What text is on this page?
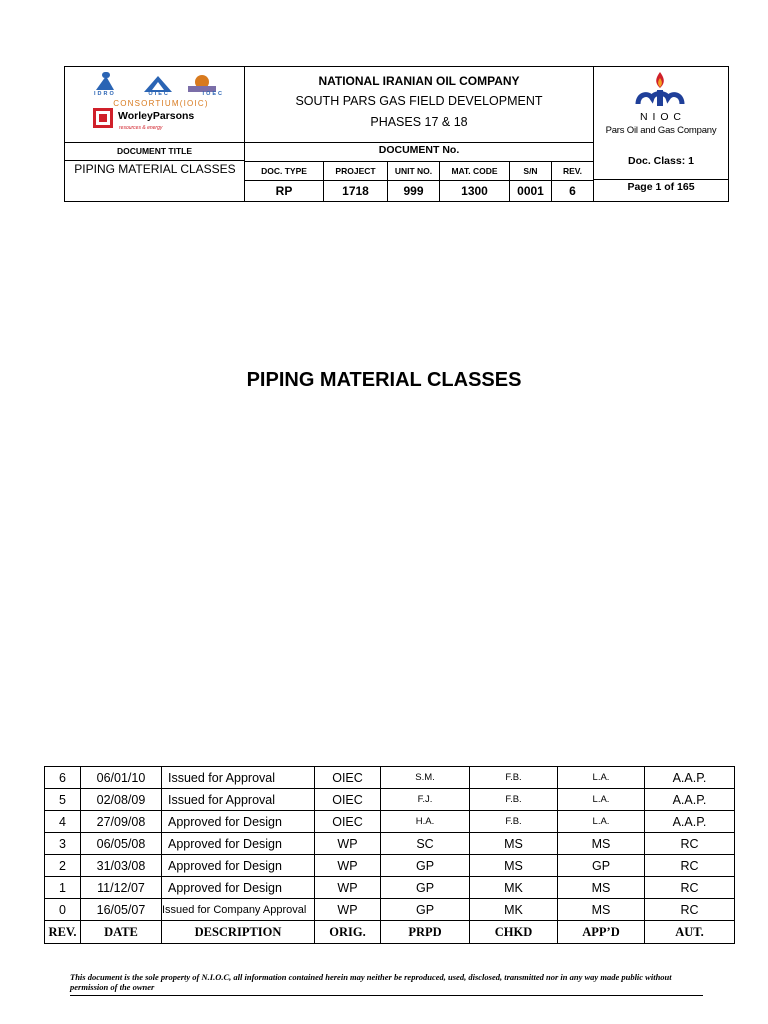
IDRO	OIEC	IOEC
CONSORTIUM(IOIC)
WorleyParsons
resources & energy
NATIONAL IRANIAN OIL COMPANY
SOUTH PARS GAS FIELD DEVELOPMENT
PHASES 17 & 18	N I O C
Pars Oil and Gas Company
DOCUMENT TITLE
PIPING MATERIAL CLASSES
DOCUMENT No.
DOC. TYPE	PROJECT	UNIT NO.	MAT. CODE	S/N	REV.
RP	1718	999	1300	0001	6
Doc. Class: 1
Page 1 of 165
PIPING MATERIAL CLASSES
6	06/01/10	Issued for Approval	OIEC	S.M.	F.B.	L.A.	A.A.P.
5	02/08/09	Issued for Approval	OIEC	F.J.	F.B.	L.A.	A.A.P.
4	27/09/08	Approved for Design	OIEC	H.A.	F.B.	L.A.	A.A.P.
3	06/05/08	Approved for Design	WP	SC	MS	MS	RC
2	31/03/08	Approved for Design	WP	GP	MS	GP	RC
1	11/12/07	Approved for Design	WP	GP	MK	MS	RC
0	16/05/07	Issued for Company Approval	WP	GP	MK	MS	RC
REV.	DATE	DESCRIPTION	ORIG.	PRPD	CHKD	APP’D	AUT.
This document is the sole property of N.I.O.C, all information contained herein may neither be reproduced, used, disclosed, transmitted nor in any way made public without permission of the owner
